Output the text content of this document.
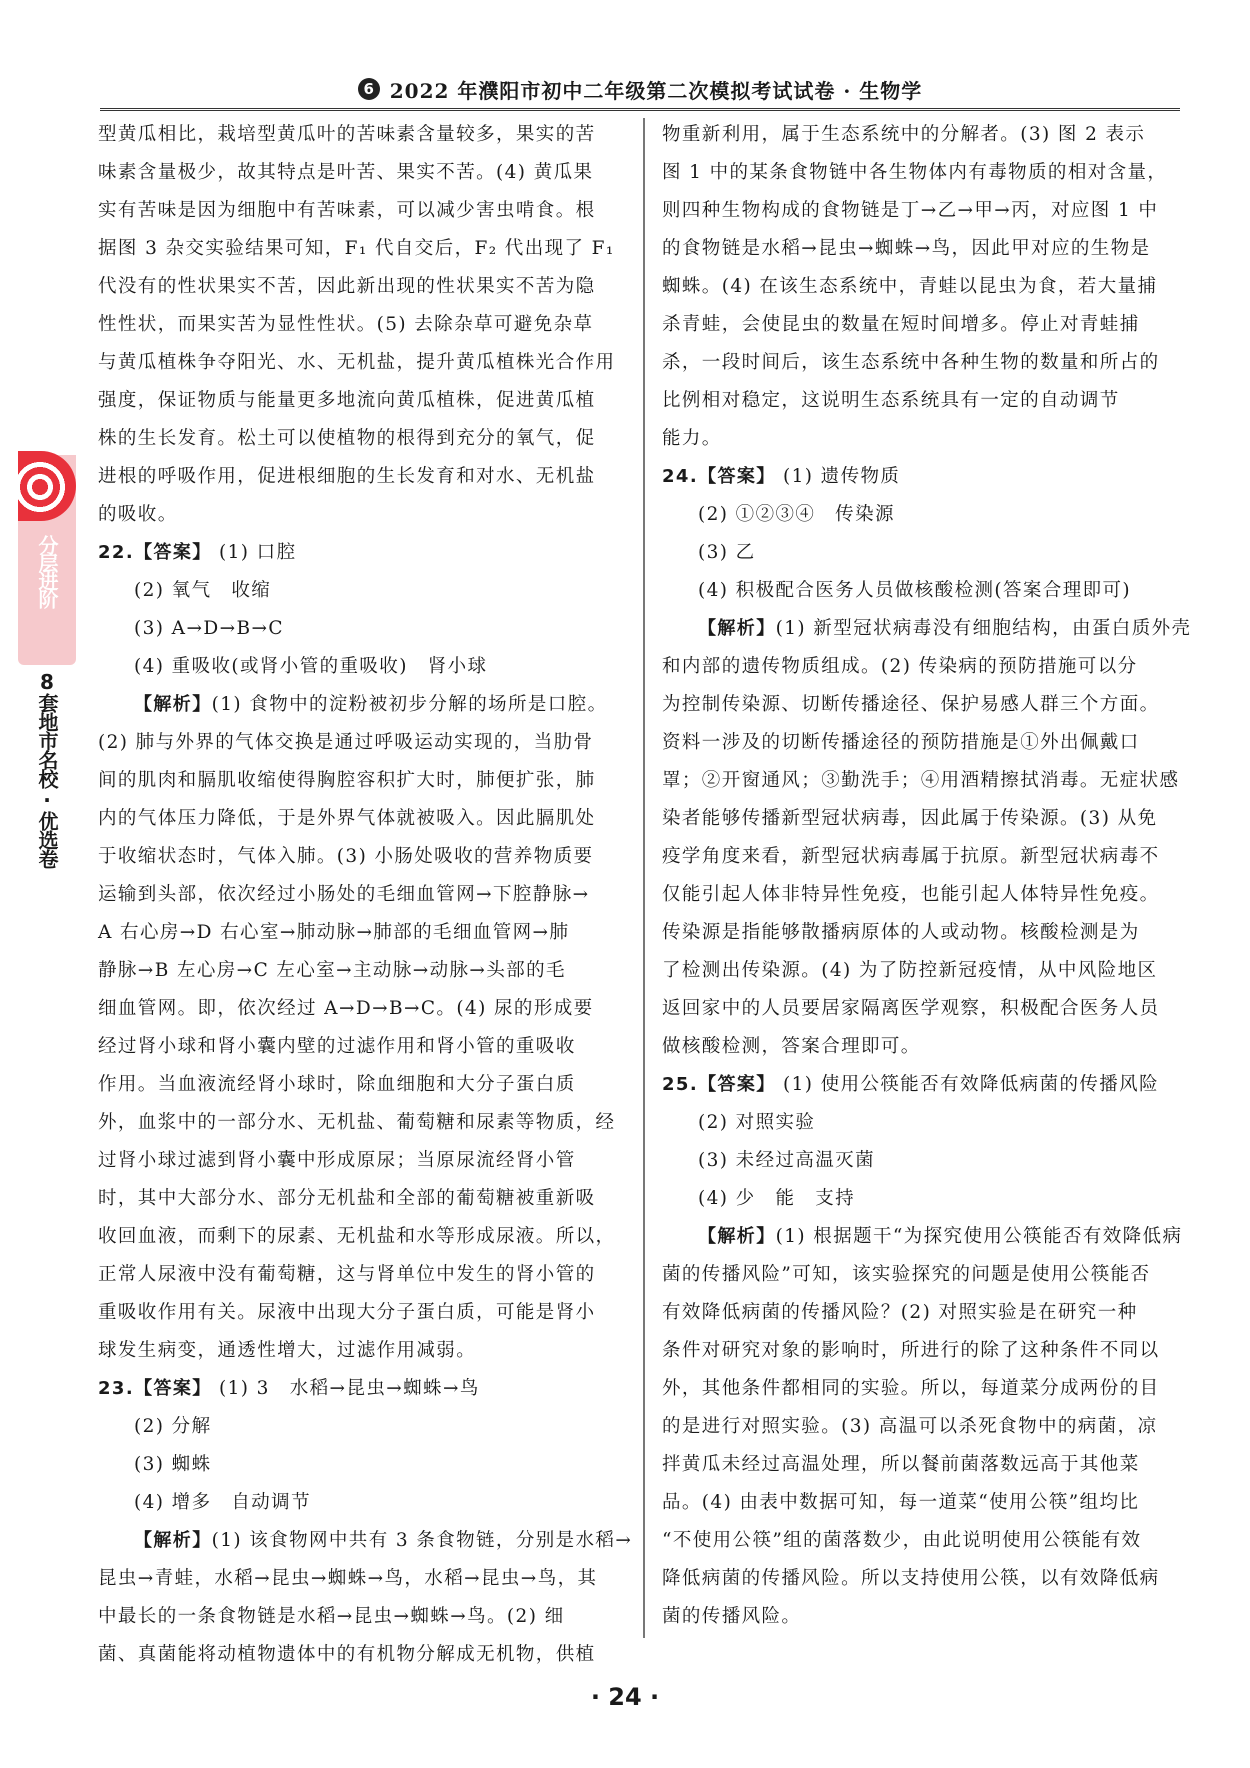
6 2022 年濮阳市初中二年级第二次模拟考试试卷 · 生物学
分层进阶
8套地市名校·优选卷
型黄瓜相比，栽培型黄瓜叶的苦味素含量较多，果实的苦
味素含量极少，故其特点是叶苦、果实不苦。(4) 黄瓜果
实有苦味是因为细胞中有苦味素，可以减少害虫啃食。根
据图 3 杂交实验结果可知，F₁ 代自交后，F₂ 代出现了 F₁
代没有的性状果实不苦，因此新出现的性状果实不苦为隐
性性状，而果实苦为显性性状。(5) 去除杂草可避免杂草
与黄瓜植株争夺阳光、水、无机盐，提升黄瓜植株光合作用
强度，保证物质与能量更多地流向黄瓜植株，促进黄瓜植
株的生长发育。松土可以使植物的根得到充分的氧气，促
进根的呼吸作用，促进根细胞的生长发育和对水、无机盐
的吸收。
22.【答案】 (1) 口腔
(2) 氧气　收缩
(3) A→D→B→C
(4) 重吸收(或肾小管的重吸收)　肾小球
【解析】(1) 食物中的淀粉被初步分解的场所是口腔。
(2) 肺与外界的气体交换是通过呼吸运动实现的，当肋骨
间的肌肉和膈肌收缩使得胸腔容积扩大时，肺便扩张，肺
内的气体压力降低，于是外界气体就被吸入。因此膈肌处
于收缩状态时，气体入肺。(3) 小肠处吸收的营养物质要
运输到头部，依次经过小肠处的毛细血管网→下腔静脉→
A 右心房→D 右心室→肺动脉→肺部的毛细血管网→肺
静脉→B 左心房→C 左心室→主动脉→动脉→头部的毛
细血管网。即，依次经过 A→D→B→C。(4) 尿的形成要
经过肾小球和肾小囊内壁的过滤作用和肾小管的重吸收
作用。当血液流经肾小球时，除血细胞和大分子蛋白质
外，血浆中的一部分水、无机盐、葡萄糖和尿素等物质，经
过肾小球过滤到肾小囊中形成原尿；当原尿流经肾小管
时，其中大部分水、部分无机盐和全部的葡萄糖被重新吸
收回血液，而剩下的尿素、无机盐和水等形成尿液。所以，
正常人尿液中没有葡萄糖，这与肾单位中发生的肾小管的
重吸收作用有关。尿液中出现大分子蛋白质，可能是肾小
球发生病变，通透性增大，过滤作用减弱。
23.【答案】 (1) 3　水稻→昆虫→蜘蛛→鸟
(2) 分解
(3) 蜘蛛
(4) 增多　自动调节
【解析】(1) 该食物网中共有 3 条食物链，分别是水稻→
昆虫→青蛙，水稻→昆虫→蜘蛛→鸟，水稻→昆虫→鸟，其
中最长的一条食物链是水稻→昆虫→蜘蛛→鸟。(2) 细
菌、真菌能将动植物遗体中的有机物分解成无机物，供植
物重新利用，属于生态系统中的分解者。(3) 图 2 表示
图 1 中的某条食物链中各生物体内有毒物质的相对含量，
则四种生物构成的食物链是丁→乙→甲→丙，对应图 1 中
的食物链是水稻→昆虫→蜘蛛→鸟，因此甲对应的生物是
蜘蛛。(4) 在该生态系统中，青蛙以昆虫为食，若大量捕
杀青蛙，会使昆虫的数量在短时间增多。停止对青蛙捕
杀，一段时间后，该生态系统中各种生物的数量和所占的
比例相对稳定，这说明生态系统具有一定的自动调节
能力。
24.【答案】 (1) 遗传物质
(2) ①②③④　传染源
(3) 乙
(4) 积极配合医务人员做核酸检测(答案合理即可)
【解析】(1) 新型冠状病毒没有细胞结构，由蛋白质外壳
和内部的遗传物质组成。(2) 传染病的预防措施可以分
为控制传染源、切断传播途径、保护易感人群三个方面。
资料一涉及的切断传播途径的预防措施是①外出佩戴口
罩；②开窗通风；③勤洗手；④用酒精擦拭消毒。无症状感
染者能够传播新型冠状病毒，因此属于传染源。(3) 从免
疫学角度来看，新型冠状病毒属于抗原。新型冠状病毒不
仅能引起人体非特异性免疫，也能引起人体特异性免疫。
传染源是指能够散播病原体的人或动物。核酸检测是为
了检测出传染源。(4) 为了防控新冠疫情，从中风险地区
返回家中的人员要居家隔离医学观察，积极配合医务人员
做核酸检测，答案合理即可。
25.【答案】 (1) 使用公筷能否有效降低病菌的传播风险
(2) 对照实验
(3) 未经过高温灭菌
(4) 少　能　支持
【解析】(1) 根据题干“为探究使用公筷能否有效降低病
菌的传播风险”可知，该实验探究的问题是使用公筷能否
有效降低病菌的传播风险？(2) 对照实验是在研究一种
条件对研究对象的影响时，所进行的除了这种条件不同以
外，其他条件都相同的实验。所以，每道菜分成两份的目
的是进行对照实验。(3) 高温可以杀死食物中的病菌，凉
拌黄瓜未经过高温处理，所以餐前菌落数远高于其他菜
品。(4) 由表中数据可知，每一道菜“使用公筷”组均比
“不使用公筷”组的菌落数少，由此说明使用公筷能有效
降低病菌的传播风险。所以支持使用公筷，以有效降低病
菌的传播风险。
· 24 ·
